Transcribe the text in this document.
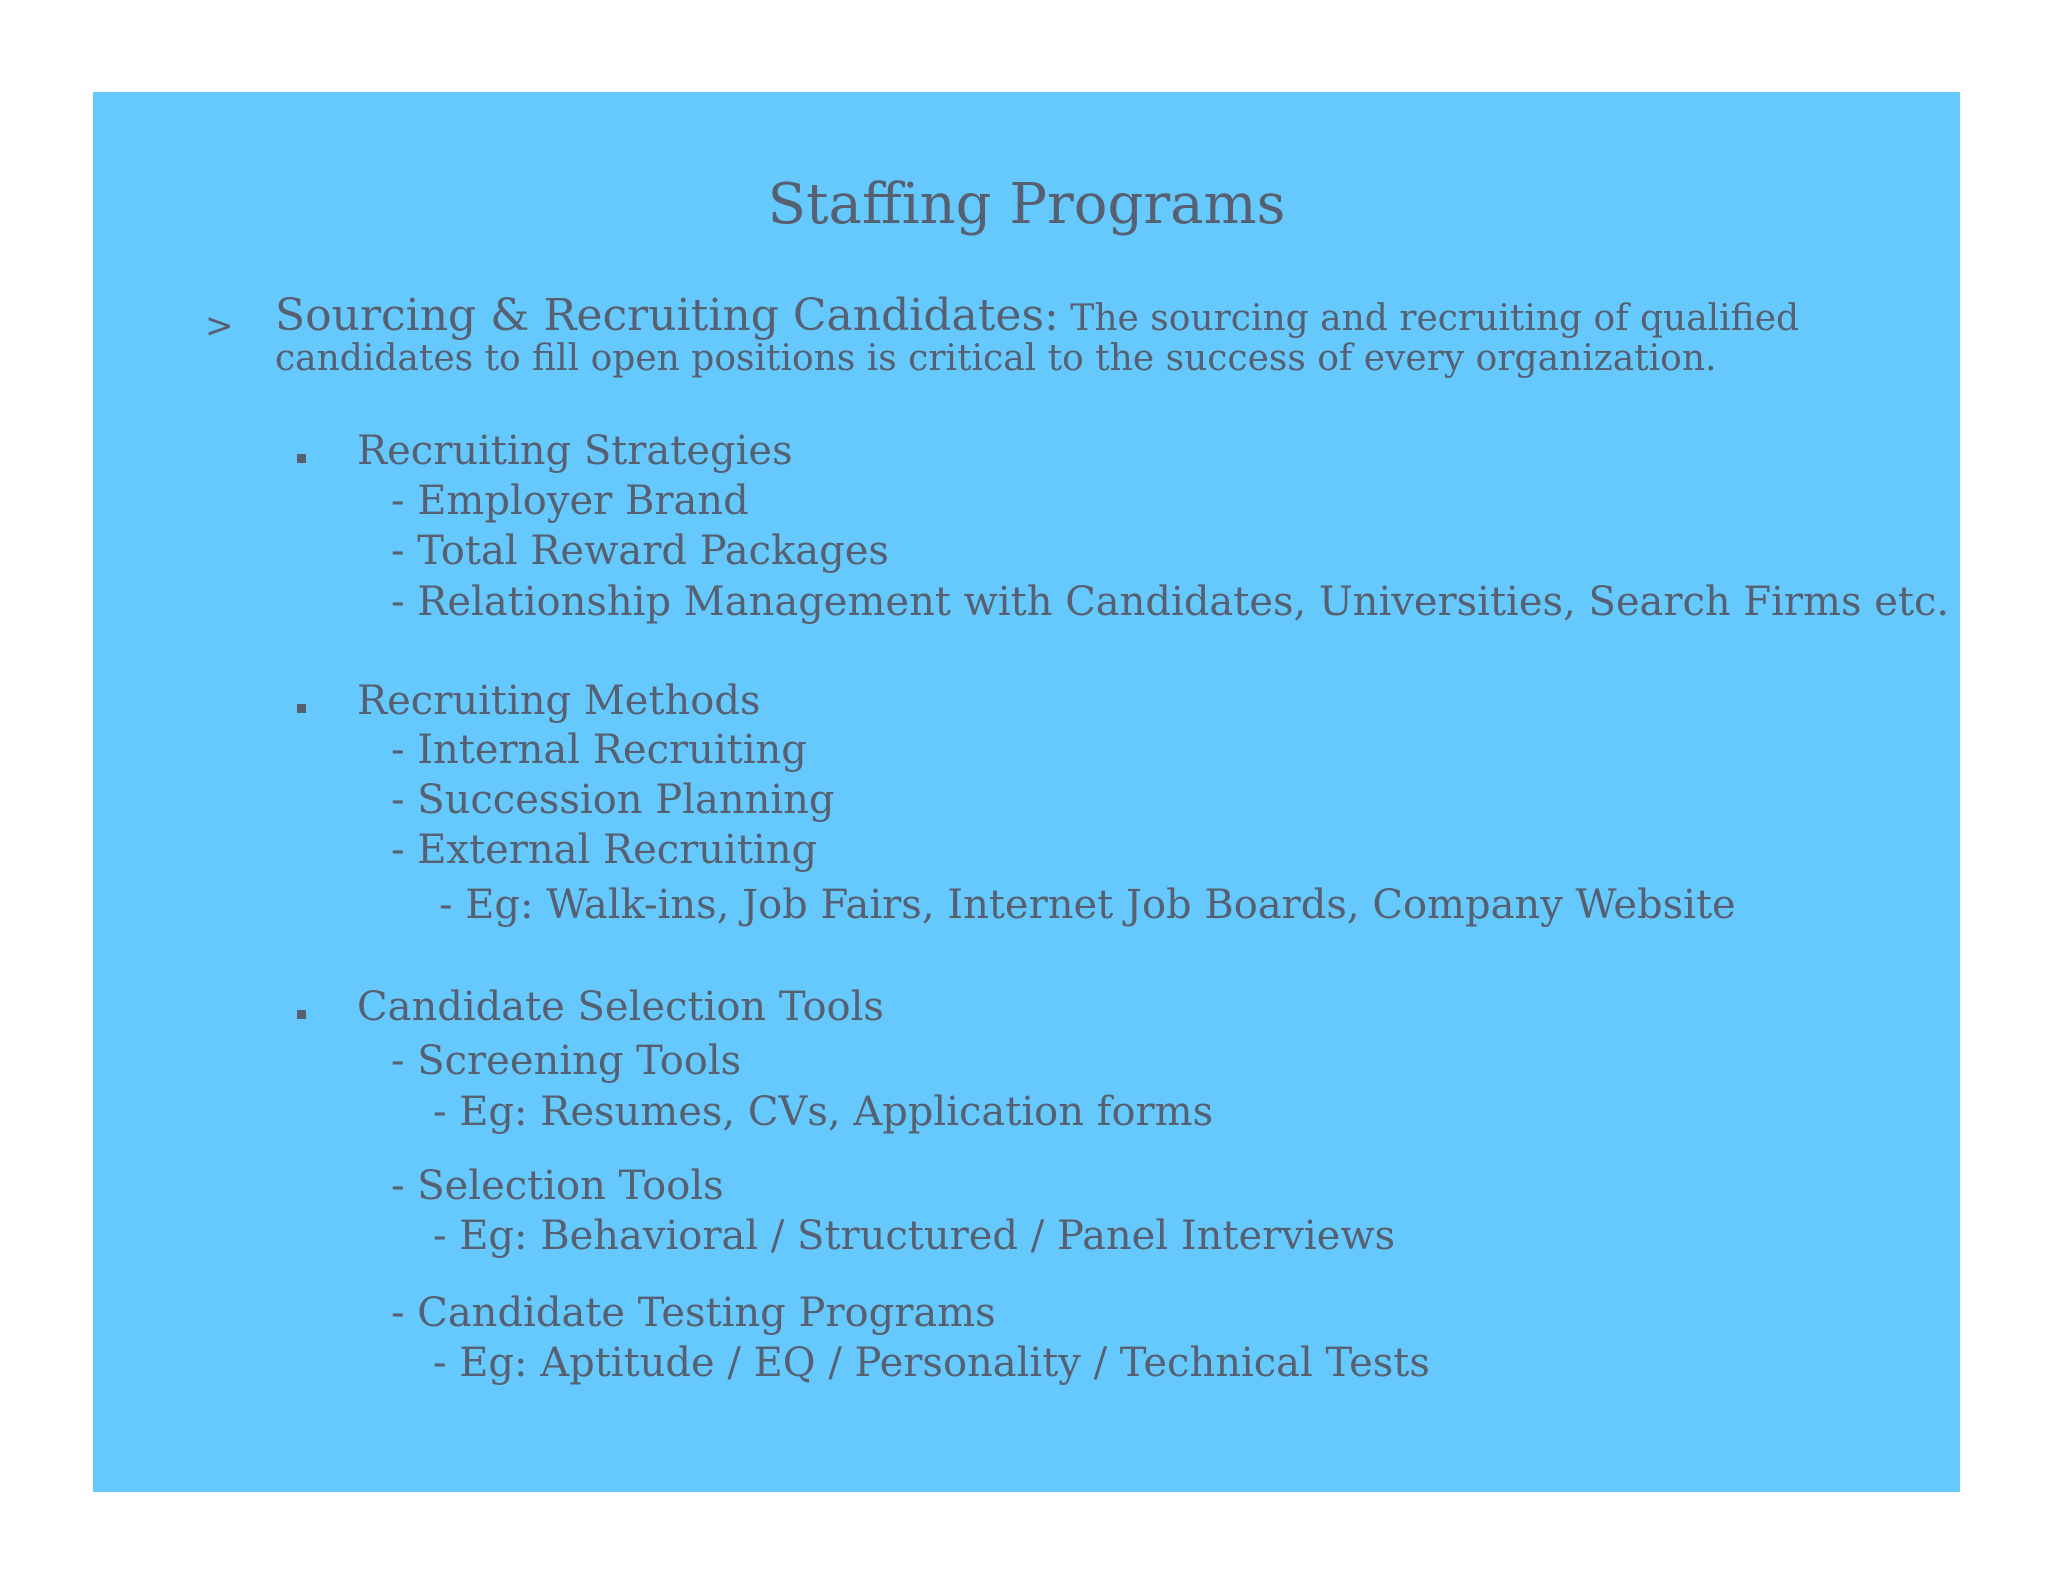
Staffing Programs
> Sourcing & Recruiting Candidates: The sourcing and recruiting of qualified
candidates to fill open positions is critical to the success of every organization.
Recruiting Strategies
- Employer Brand
- Total Reward Packages
- Relationship Management with Candidates, Universities, Search Firms etc.
Recruiting Methods
- Internal Recruiting
- Succession Planning
- External Recruiting
- Eg: Walk-ins, Job Fairs, Internet Job Boards, Company Website
Candidate Selection Tools
- Screening Tools
- Eg: Resumes, CVs, Application forms
- Selection Tools
- Eg: Behavioral / Structured / Panel Interviews
- Candidate Testing Programs
- Eg: Aptitude / EQ / Personality / Technical Tests
